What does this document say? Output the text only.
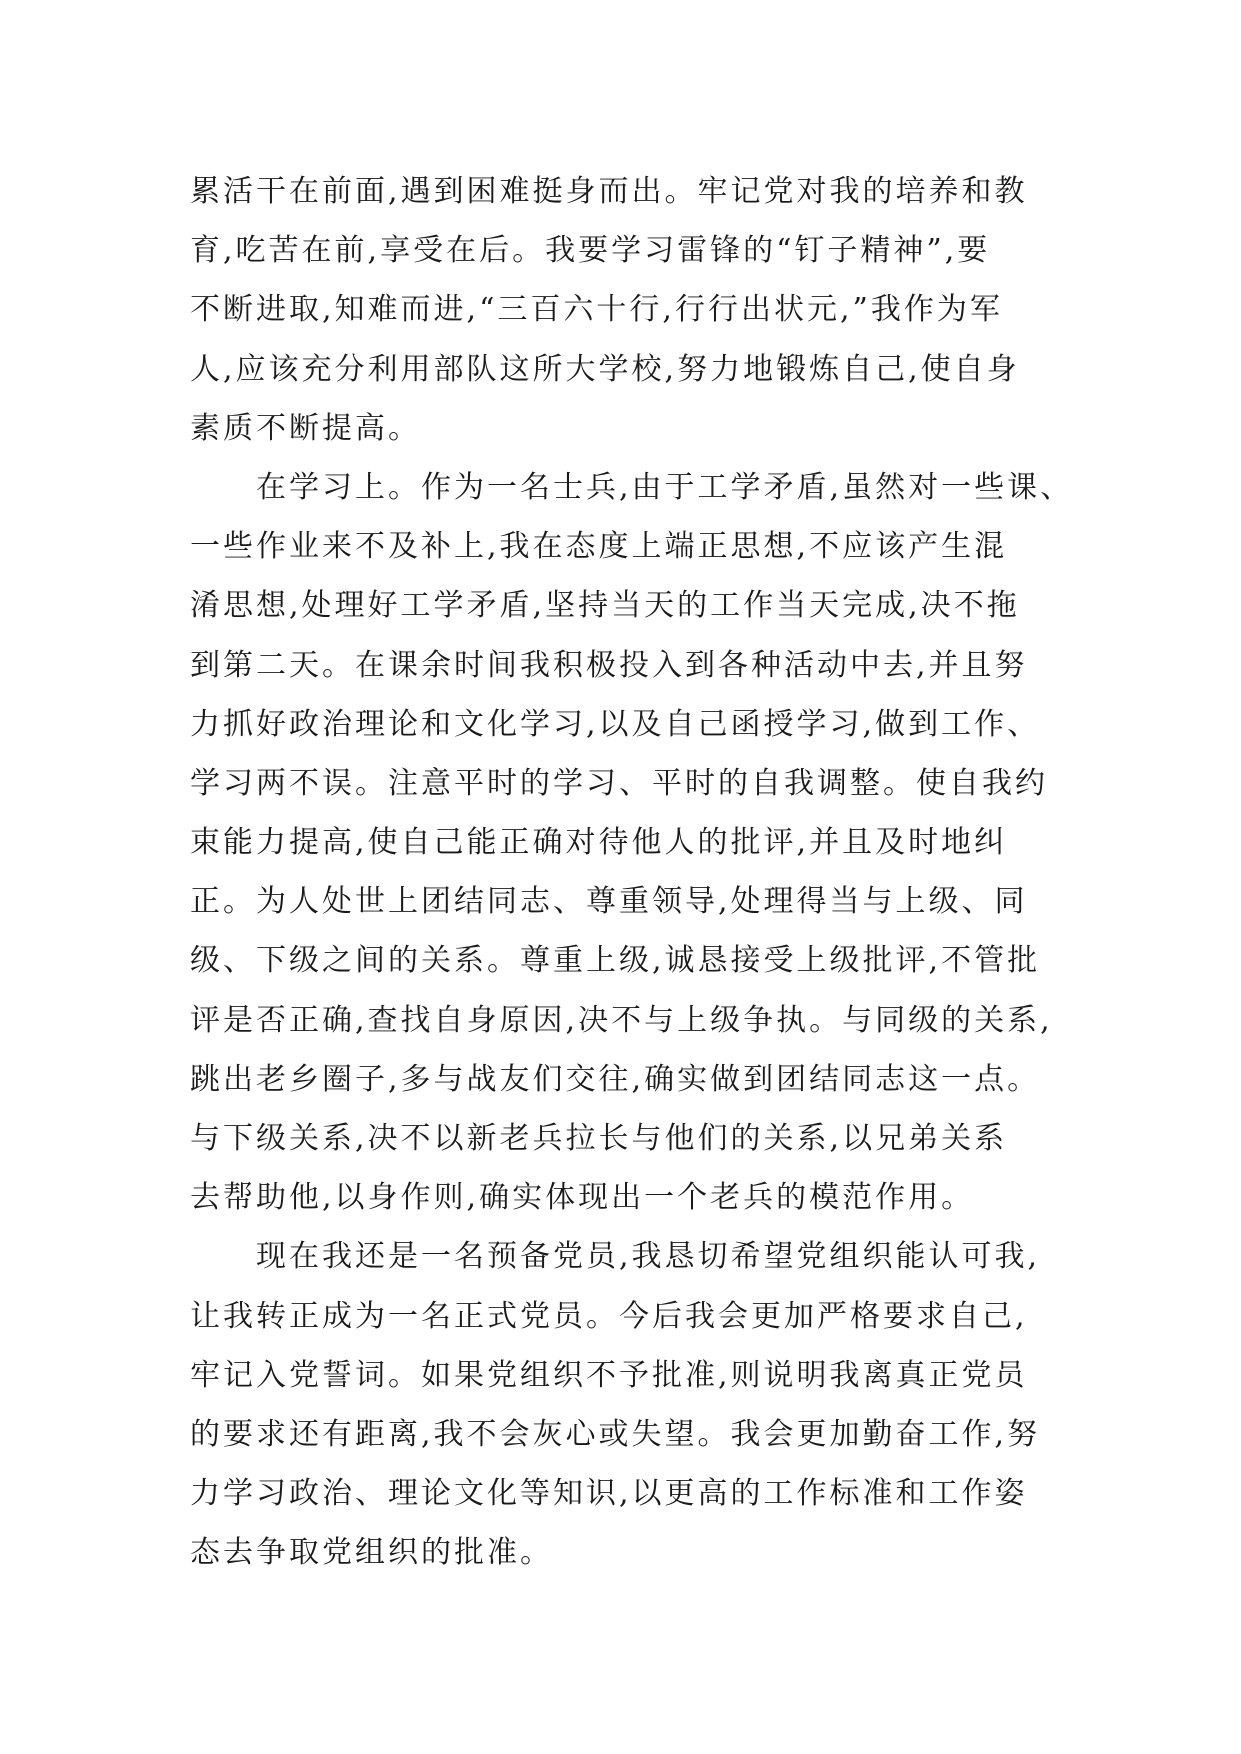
累活干在前面,遇到困难挺身而出。牢记党对我的培养和教
育,吃苦在前,享受在后。我要学习雷锋的“钉子精神”,要
不断进取,知难而进,“三百六十行,行行出状元,”我作为军
人,应该充分利用部队这所大学校,努力地锻炼自己,使自身
素质不断提高。
在学习上。作为一名士兵,由于工学矛盾,虽然对一些课、
一些作业来不及补上,我在态度上端正思想,不应该产生混
淆思想,处理好工学矛盾,坚持当天的工作当天完成,决不拖
到第二天。在课余时间我积极投入到各种活动中去,并且努
力抓好政治理论和文化学习,以及自己函授学习,做到工作、
学习两不误。注意平时的学习、平时的自我调整。使自我约
束能力提高,使自己能正确对待他人的批评,并且及时地纠
正。为人处世上团结同志、尊重领导,处理得当与上级、同
级、下级之间的关系。尊重上级,诚恳接受上级批评,不管批
评是否正确,查找自身原因,决不与上级争执。与同级的关系,
跳出老乡圈子,多与战友们交往,确实做到团结同志这一点。
与下级关系,决不以新老兵拉长与他们的关系,以兄弟关系
去帮助他,以身作则,确实体现出一个老兵的模范作用。
现在我还是一名预备党员,我恳切希望党组织能认可我,
让我转正成为一名正式党员。今后我会更加严格要求自己,
牢记入党誓词。如果党组织不予批准,则说明我离真正党员
的要求还有距离,我不会灰心或失望。我会更加勤奋工作,努
力学习政治、理论文化等知识,以更高的工作标准和工作姿
态去争取党组织的批准。
